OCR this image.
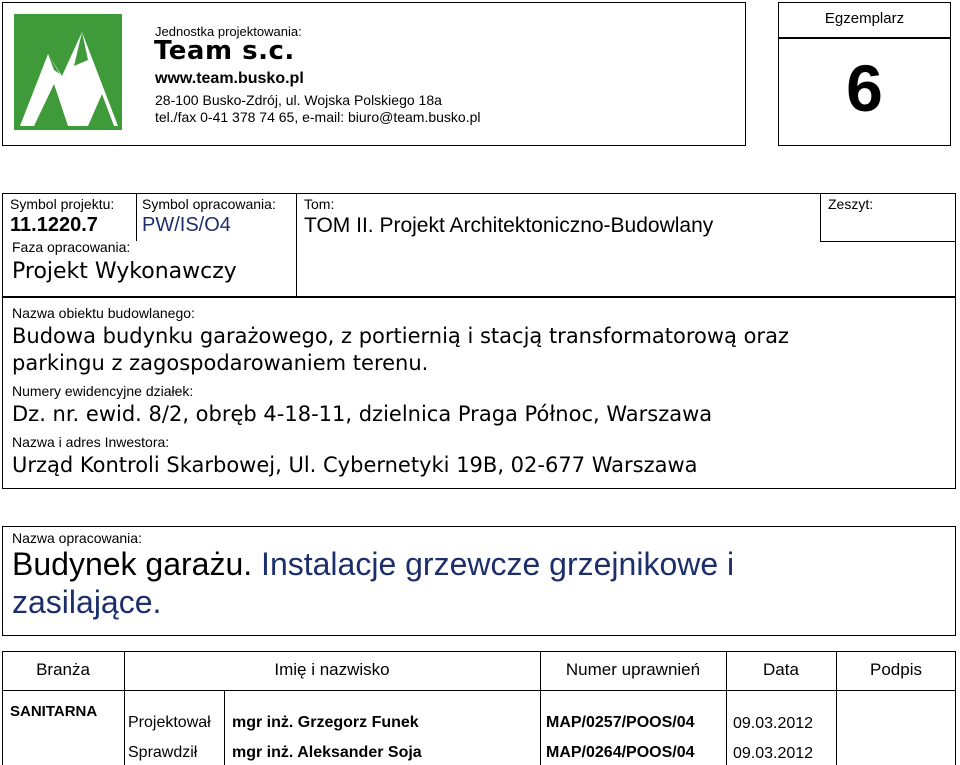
Jednostka projektowania:
Team s.c.
www.team.busko.pl
28-100 Busko-Zdrój, ul. Wojska Polskiego 18a
tel./fax 0-41 378 74 65, e-mail: biuro@team.busko.pl
Egzemplarz
6
Symbol projektu:
11.1220.7
Symbol opracowania:
PW/IS/O4
Tom:
TOM II. Projekt Architektoniczno-Budowlany
Zeszyt:
Faza opracowania:
Projekt Wykonawczy
Nazwa obiektu budowlanego:
Budowa budynku garażowego, z portiernią i stacją transformatorową oraz
parkingu z zagospodarowaniem terenu.
Numery ewidencyjne działek:
Dz. nr. ewid. 8/2, obręb 4-18-11, dzielnica Praga Północ, Warszawa
Nazwa i adres Inwestora:
Urząd Kontroli Skarbowej, Ul. Cybernetyki 19B, 02-677 Warszawa
Nazwa opracowania:
Budynek garażu. Instalacje grzewcze grzejnikowe i
zasilające.
Branża	Imię i nazwisko	Numer uprawnień	Data	Podpis
SANITARNA
Projektował mgr inż. Grzegorz Funek	MAP/0257/POOS/04 09.03.2012
Sprawdził mgr inż. Aleksander Soja	MAP/0264/POOS/04 09.03.2012
